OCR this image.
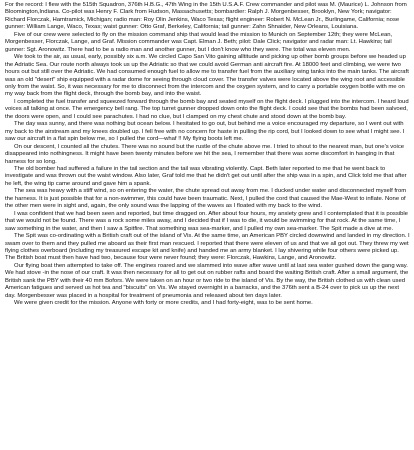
For the record: I flew with the 515th Squadron, 376th H.B.G., 47th Wing in the 15th U.S.A.F. Crew commander and pilot was M. (Maurice) L. Johnson from Bloomington,Indiana. Co-pilot was Henry F. Clark from Hudson, Massachusetts; bombardier: Ralph J. Morgenbesser, Brooklyn, New York; navigator: Richard Florczak, Hamtramick, Michigan; radio man: Roy Olin Jenkins, Waco Texas; flight engineer: Robert N. McLean Jr., Burlingame, California; nose gunner: William Lange, Waco, Texas; waist gunner: Otto Graf, Berkeley, California; tail gunner: Zahn Shnaider, New Orleans, Louisiana.

Five of our crew were selected to fly on the mission command ship that would lead the mission to Munich on September 12th; they were McLean, Morgenbesser, Florczak, Lange, and Graf. Mission commander was Capt. Elman J. Beth; pilot: Dale Click; navigator and radar man: Lt. Hawkins; tail gunner: Sgt. Aronowitz. There had to be a radio man and another gunner, but I don't know who they were. The total was eleven men.

We took to the air, as usual, early, possibly six a.m. We circled Capo San Vito gaining alltitude and picking up other bomb groups before we headed up the Adriatic Sea. Our route north always took us up the Adriatic so that we could avoid German anti aircraft fire. At 18000 feet and climbing, we were two hours out but still over the Adriatic. We had consumed enough fuel to allow me to transfer fuel from the auxiliary wing tanks into the main tanks. The aircraft was an old "desert" ship equipped with a radar dome for seeing through cloud cover. The transfer valves were located above the wing root and accessible only from the waist. So, it was necessary for me to disconnect from the intercom and the oxygen system, and to carry a portable oxygen bottle with me on my way back from the flight deck, through the bomb bay, and into the waist.

I completed the fuel transfer and squeezed forward through the bomb bay and seated myself on the flight deck. I plugged into the intercom. I heard loud voices all talking at once. The emergency bell rang. The top turret gunner dropped down onto the flight deck. I could see that the bombs had been salvoed, the doors were open, and I could see parachutes. I had no clue, but I clamped on my chest chute and stood down at the bomb bay.

The day was sunny, and there was nothing but ocean below. I hesitated to go out, but behind me a voice encouraged my departure, so I went out with my back to the airstream and my knees doubled up. I fell free with no concern for haste in pulling the rip cord, but I looked down to see what I might see. I saw our aircraft in a flat spin below me, so I pulled the cord—whaf !! My flying boots left me.

On our descent, I counted all the chutes. There was no sound but the rustle of the chute above me. I tried to shout to the nearest man, but one's voice disappeared into nothingness. It might have been twenty minutes before we hit the sea, I remember that there was some discomfort in hanging in that harness for so long.

The old bomber had suffered a failure in the tail section and the tail was vibrating violently. Capt. Beth later reported to me that he went back to investigate and was thrown out the waist window. Also later, Graf told me that he didn't get out until after the ship was in a spin, and Click told me that after he left, the wing tip came around and gave him a spank.

The sea was heavy with a stiff wind, so on entering the water, the chute spread out away from me. I ducked under water and disconnected myself from the harness. It is just possible that for a non-swimmer, this could have been traumatic. Next, I pulled the cord that caused the Mae-West to inflate. None of the other men were in sight and, again, the only sound was the lapping of the waves as I floated with my back to the wind.

I was confident that we had been seen and reported, but time dragged on. After about four hours, my anxiety grew and I contemplated that it is possible that we would not be found. There was a rock some miles away, and I decided that if I was to die, it would be swimming for that rock. At the same time, I saw something in the water, and then I saw a Spitfire. That something was sea-marker, and I pulled my own sea-marker. The Spit made a dive at me.

The Spit was co-ordinating with a British craft out of the island of Vis. At the same time, an American PBY circled downwind and landed in my direction. I swam over to them and they pulled me aboard as their first man rescued. I reported that there were eleven of us and that we all got out. They threw my wet flying clothes overboard (including my treasured escape kit and knife) and handed me an army blanket. I lay shivering while four others were picked up. The British boat must then have had two, because four were never found; they were: Florczak, Hawkins, Lange, and Aronowitz.

Our flying boat then attempted to take off. The engines roared and we slammed into wave after wave until at last sea water gushed down the gang way. We had stove -in the nose of our craft. It was then necessary for all to get out on rubber rafts and board the waiting British craft. After a small argument, the British sank the PBY with their 40 mm Bofors. We were taken on an hour or two ride to the island of Vis. By the way, the British clothed us with clean used American fatigues and served us hot tea and "biscuits" on Vis. We stayed overnight in a barracks, and the 376th sent a B-24 over to pick us up the next day. Morgenbesser was placed in a hospital for treatment of pneumonia and released about ten days later.

We were given credit for the mission. Anyone with forty or more credits, and I had forty-eight, was to be sent home.
